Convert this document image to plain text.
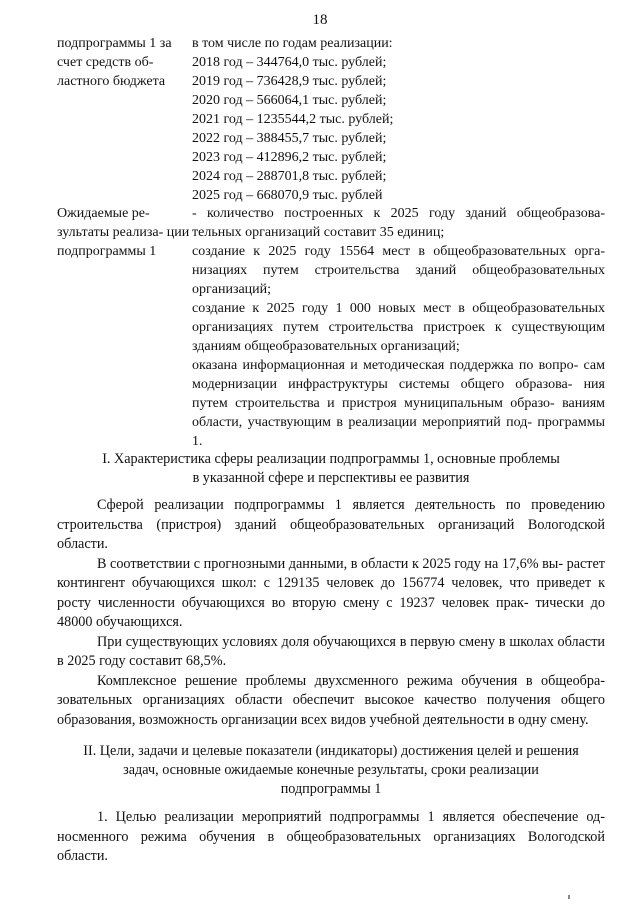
18
подпрограммы 1 за счет средств об- ластного бюджета
в том числе по годам реализации:
2018 год – 344764,0 тыс. рублей;
2019 год – 736428,9 тыс. рублей;
2020 год – 566064,1 тыс. рублей;
2021 год – 1235544,2 тыс. рублей;
2022 год – 388455,7 тыс. рублей;
2023 год – 412896,2 тыс. рублей;
2024 год – 288701,8 тыс. рублей;
2025 год – 668070,9 тыс. рублей
Ожидаемые ре- зультаты реализа- ции подпрограммы 1
- количество построенных к 2025 году зданий общеобразова- тельных организаций составит 35 единиц;
создание к 2025 году 15564 мест в общеобразовательных орга- низациях путем строительства зданий общеобразовательных организаций;
создание к 2025 году 1 000 новых мест в общеобразовательных организациях путем строительства пристроек к существующим зданиям общеобразовательных организаций;
оказана информационная и методическая поддержка по вопро- сам модернизации инфраструктуры системы общего образова- ния путем строительства и пристроя муниципальным образо- ваниям области, участвующим в реализации мероприятий под- программы 1.
I. Характеристика сферы реализации подпрограммы 1, основные проблемы
в указанной сфере и перспективы ее развития

Сферой реализации подпрограммы 1 является деятельность по проведению строительства (пристроя) зданий общеобразовательных организаций Вологодской области.

В соответствии с прогнозными данными, в области к 2025 году на 17,6% вы- растет контингент обучающихся школ: с 129135 человек до 156774 человек, что приведет к росту численности обучающихся во вторую смену с 19237 человек прак- тически до 48000 обучающихся.

При существующих условиях доля обучающихся в первую смену в школах области в 2025 году составит 68,5%.

Комплексное решение проблемы двухсменного режима обучения в общеобра- зовательных организациях области обеспечит высокое качество получения общего образования, возможность организации всех видов учебной деятельности в одну смену.

II. Цели, задачи и целевые показатели (индикаторы) достижения целей и решения
задач, основные ожидаемые конечные результаты, сроки реализации
подпрограммы 1

1. Целью реализации мероприятий подпрограммы 1 является обеспечение од- носменного режима обучения в общеобразовательных организациях Вологодской области.
